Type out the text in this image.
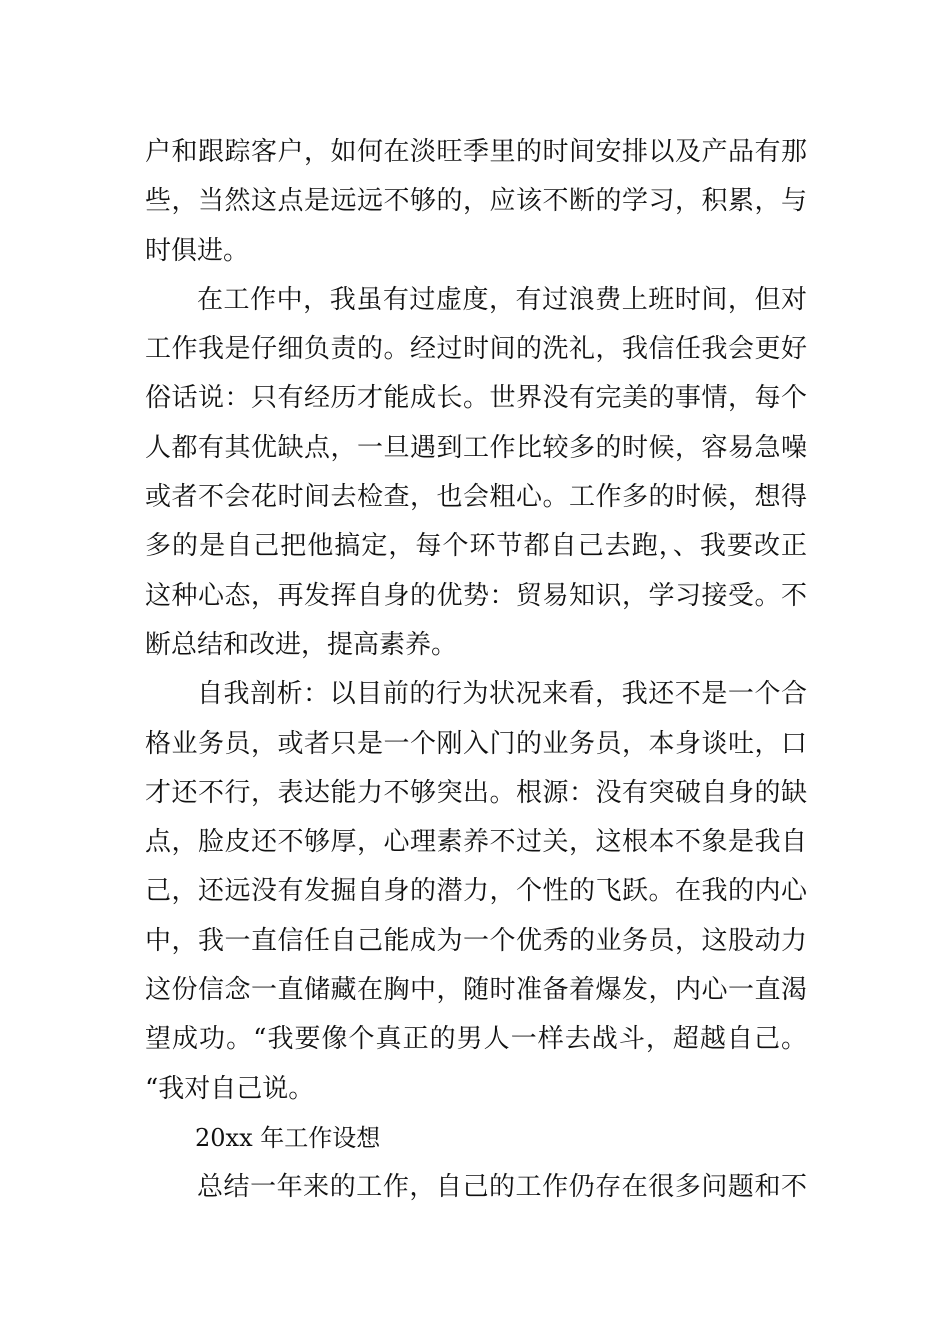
户和跟踪客户，如何在淡旺季里的时间安排以及产品有那
些，当然这点是远远不够的，应该不断的学习，积累，与
时俱进。
在工作中，我虽有过虚度，有过浪费上班时间，但对
工作我是仔细负责的。经过时间的洗礼，我信任我会更好
俗话说：只有经历才能成长。世界没有完美的事情，每个
人都有其优缺点，一旦遇到工作比较多的时候，容易急噪
或者不会花时间去检查，也会粗心。工作多的时候，想得
多的是自己把他搞定，每个环节都自己去跑，、我要改正
这种心态，再发挥自身的优势：贸易知识，学习接受。不
断总结和改进，提高素养。
自我剖析：以目前的行为状况来看，我还不是一个合
格业务员，或者只是一个刚入门的业务员，本身谈吐，口
才还不行，表达能力不够突出。根源：没有突破自身的缺
点，脸皮还不够厚，心理素养不过关，这根本不象是我自
己，还远没有发掘自身的潜力，个性的飞跃。在我的内心
中，我一直信任自己能成为一个优秀的业务员，这股动力
这份信念一直储藏在胸中，随时准备着爆发，内心一直渴
望成功。“我要像个真正的男人一样去战斗，超越自己。
“我对自己说。
20xx 年工作设想
总结一年来的工作，自己的工作仍存在很多问题和不
